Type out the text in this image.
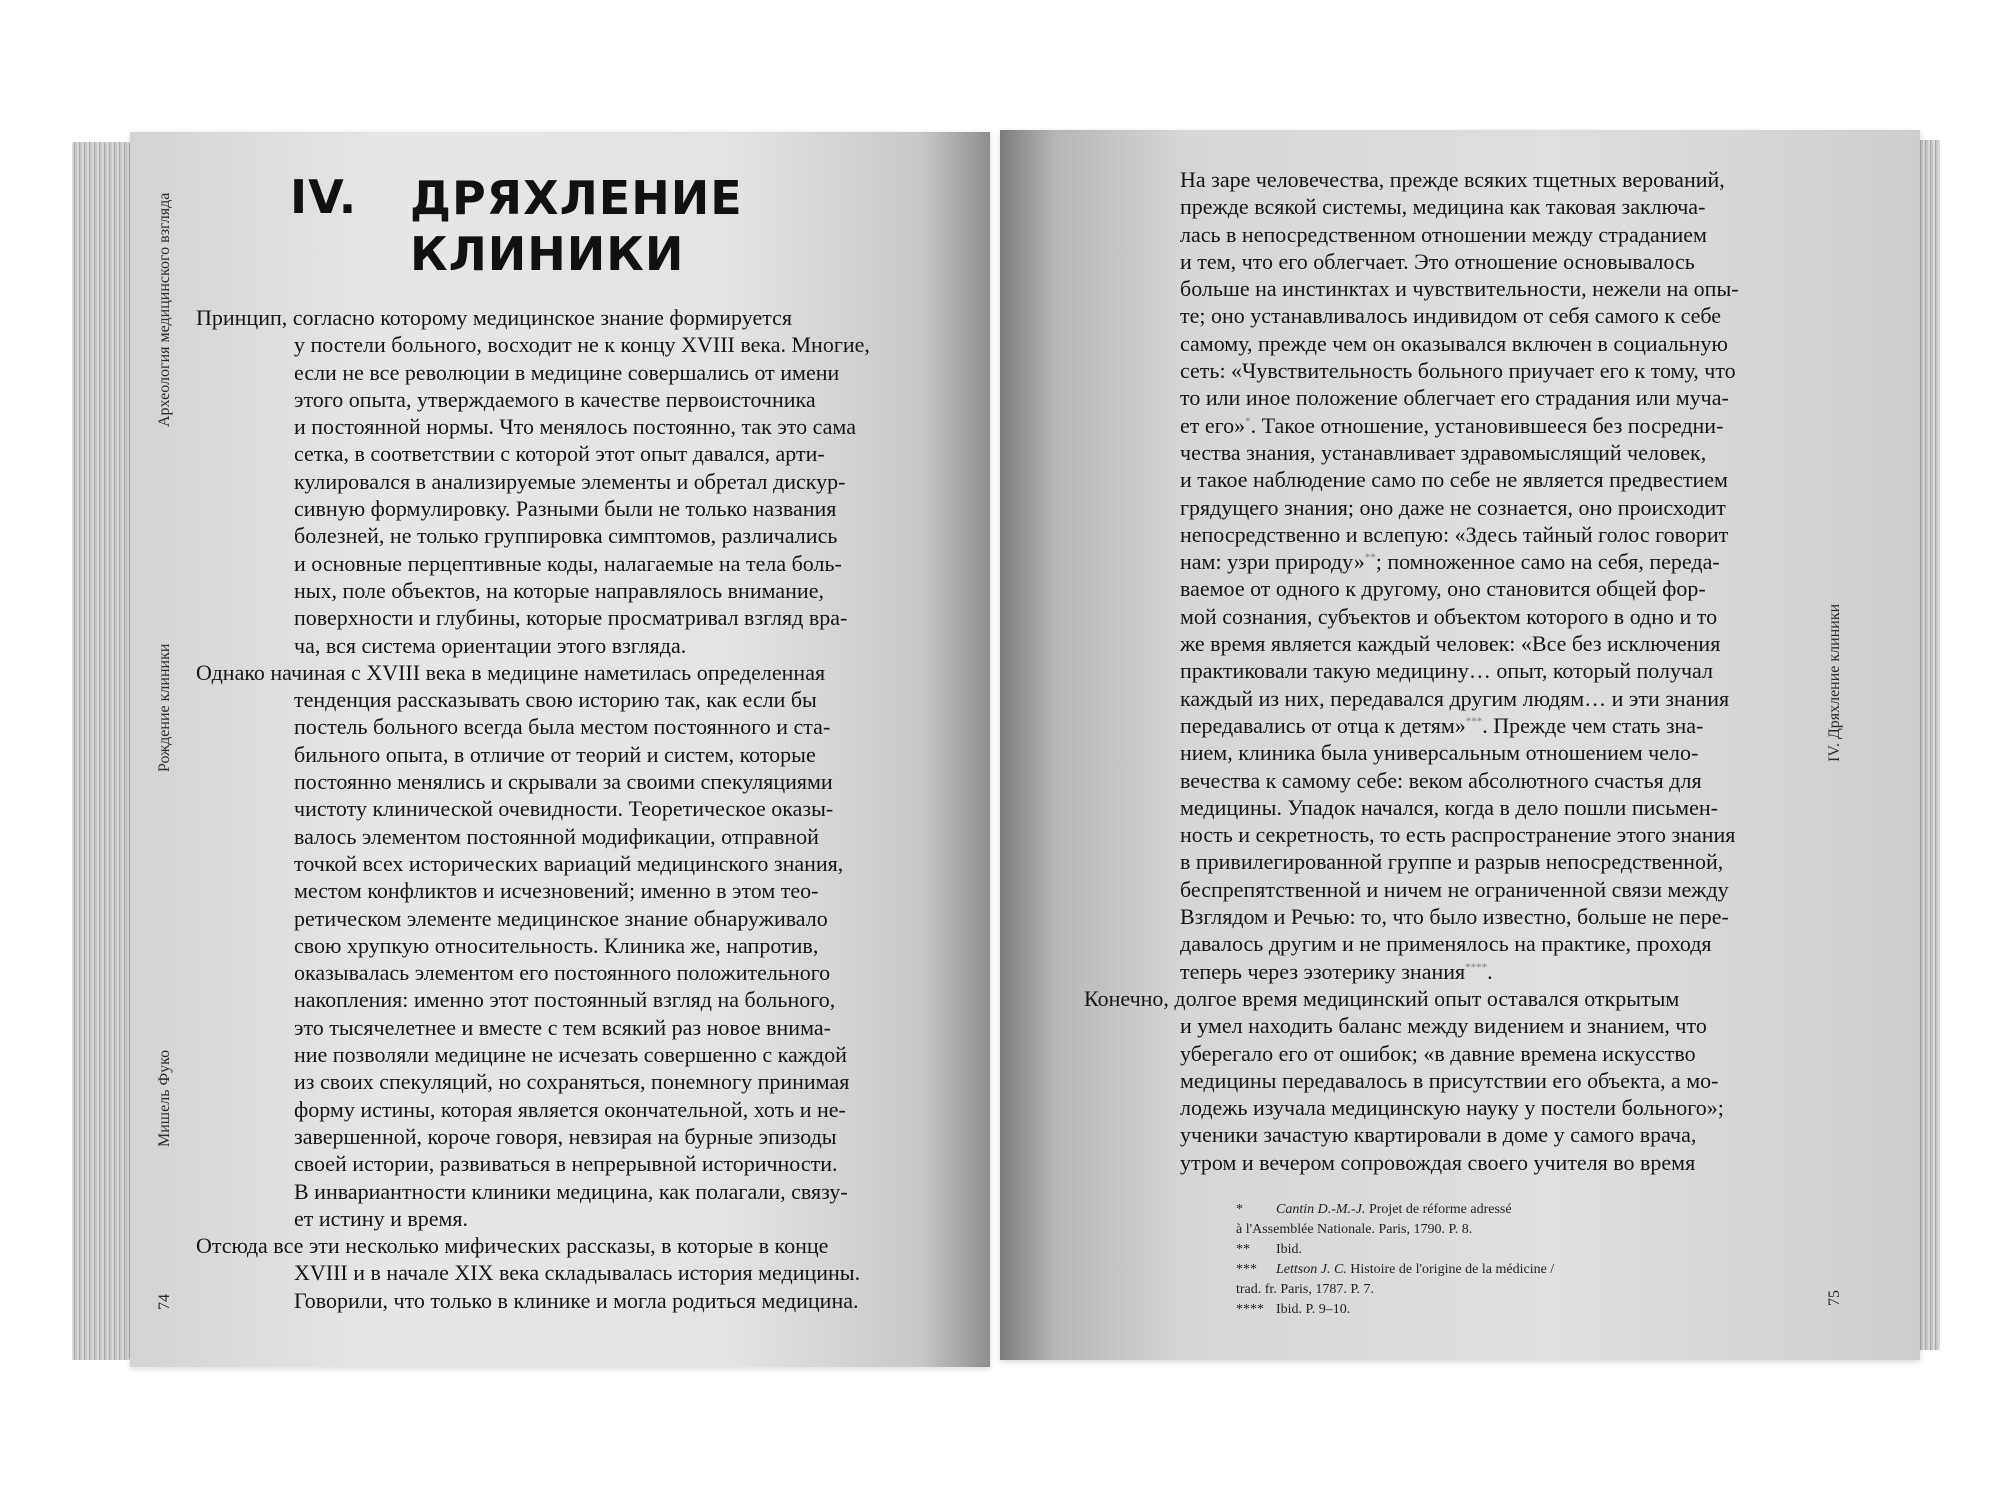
74
Мишель Фуко
Рождение клиники
Археология медицинского взгляда	IV. ДРЯХЛЕНИЕ
КЛИНИКИ
Принцип, согласно которому медицинское знание формируется
у постели больного, восходит не к концу XVIII века. Многие,
если не все революции в медицине совершались от имени
этого опыта, утверждаемого в качестве первоисточника
и постоянной нормы. Что менялось постоянно, так это сама
сетка, в соответствии с которой этот опыт давался, арти-
кулировался в анализируемые элементы и обретал дискур-
сивную формулировку. Разными были не только названия
болезней, не только группировка симптомов, различались
и основные перцептивные коды, налагаемые на тела боль-
ных, поле объектов, на которые направлялось внимание,
поверхности и глубины, которые просматривал взгляд вра-
ча, вся система ориентации этого взгляда.
Однако начиная с XVIII века в медицине наметилась определенная
тенденция рассказывать свою историю так, как если бы
постель больного всегда была местом постоянного и ста-
бильного опыта, в отличие от теорий и систем, которые
постоянно менялись и скрывали за своими спекуляциями
чистоту клинической очевидности. Теоретическое оказы-
валось элементом постоянной модификации, отправной
точкой всех исторических вариаций медицинского знания,
местом конфликтов и исчезновений; именно в этом тео-
ретическом элементе медицинское знание обнаруживало
свою хрупкую относительность. Клиника же, напротив,
оказывалась элементом его постоянного положительного
накопления: именно этот постоянный взгляд на больного,
это тысячелетнее и вместе с тем всякий раз новое внима-
ние позволяли медицине не исчезать совершенно с каждой
из своих спекуляций, но сохраняться, понемногу принимая
форму истины, которая является окончательной, хоть и не-
завершенной, короче говоря, невзирая на бурные эпизоды
своей истории, развиваться в непрерывной историчности.
В инвариантности клиники медицина, как полагали, связу-
ет истину и время.
Отсюда все эти несколько мифических рассказы, в которые в конце
XVIII и в начале XIX века складывалась история медицины.
Говорили, что только в клинике и могла родиться медицина.
IV. Дряхление клиники
75
На заре человечества, прежде всяких тщетных верований,
прежде всякой системы, медицина как таковая заключа-
лась в непосредственном отношении между страданием
и тем, что его облегчает. Это отношение основывалось
больше на инстинктах и чувствительности, нежели на опы-
те; оно устанавливалось индивидом от себя самого к себе
самому, прежде чем он оказывался включен в социальную
сеть: «Чувствительность больного приучает его к тому, что
то или иное положение облегчает его страдания или муча-
ет его»*. Такое отношение, установившееся без посредни-
чества знания, устанавливает здравомыслящий человек,
и такое наблюдение само по себе не является предвестием
грядущего знания; оно даже не сознается, оно происходит
непосредственно и вслепую: «Здесь тайный голос говорит
нам: узри природу»**; помноженное само на себя, переда-
ваемое от одного к другому, оно становится общей фор-
мой сознания, субъектов и объектом которого в одно и то
же время является каждый человек: «Все без исключения
практиковали такую медицину… опыт, который получал
каждый из них, передавался другим людям… и эти знания
передавались от отца к детям»***. Прежде чем стать зна-
нием, клиника была универсальным отношением чело-
вечества к самому себе: веком абсолютного счастья для
медицины. Упадок начался, когда в дело пошли письмен-
ность и секретность, то есть распространение этого знания
в привилегированной группе и разрыв непосредственной,
беспрепятственной и ничем не ограниченной связи между
Взглядом и Речью: то, что было известно, больше не пере-
давалось другим и не применялось на практике, проходя
теперь через эзотерику знания****.
Конечно, долгое время медицинский опыт оставался открытым
и умел находить баланс между видением и знанием, что
уберегало его от ошибок; «в давние времена искусство
медицины передавалось в присутствии его объекта, а мо-
лодежь изучала медицинскую науку у постели больного»;
ученики зачастую квартировали в доме у самого врача,
утром и вечером сопровождая своего учителя во время
*	Cantin D.-M.-J. Projet de réforme adressé
à l'Assemblée Nationale. Paris, 1790. P. 8.
**	Ibid.
***	Lettson J. C. Histoire de l'origine de la médicine /
trad. fr. Paris, 1787. P. 7.
**** Ibid. P. 9–10.
